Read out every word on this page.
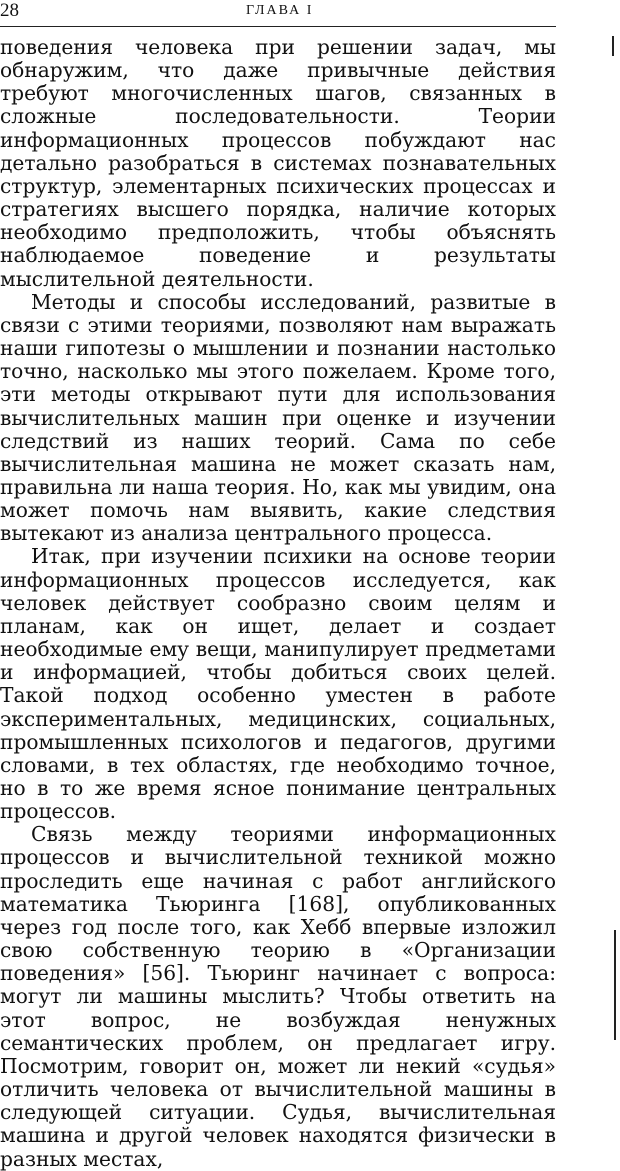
28	ГЛАВА I

поведения человека при решении задач, мы обнаружим, что даже привычные действия требуют многочисленных шагов, связанных в сложные последовательности. Теории информационных процессов побуждают нас детально разобраться в системах познавательных структур, элементарных психических процессах и стратегиях высшего порядка, наличие которых необходимо предположить, чтобы объяснять наблюдаемое поведение и результаты мыслительной деятельности.

Методы и способы исследований, развитые в связи с этими теориями, позволяют нам выражать наши гипотезы о мышлении и познании настолько точно, насколько мы этого пожелаем. Кроме того, эти методы открывают пути для использования вычислительных машин при оценке и изучении следствий из наших теорий. Сама по себе вычислительная машина не может сказать нам, правильна ли наша теория. Но, как мы увидим, она может помочь нам выявить, какие следствия вытекают из анализа центрального процесса.

Итак, при изучении психики на основе теории информационных процессов исследуется, как человек действует сообразно своим целям и планам, как он ищет, делает и создает необходимые ему вещи, манипулирует предметами и информацией, чтобы добиться своих целей. Такой подход особенно уместен в работе экспериментальных, медицинских, социальных, промышленных психологов и педагогов, другими словами, в тех областях, где необходимо точное, но в то же время ясное понимание центральных процессов.

Связь между теориями информационных процессов и вычислительной техникой можно проследить еще начиная с работ английского математика Тьюринга [168], опубликованных через год после того, как Хебб впервые изложил свою собственную теорию в «Организации поведения» [56]. Тьюринг начинает с вопроса: могут ли машины мыслить? Чтобы ответить на этот вопрос, не возбуждая ненужных семантических проблем, он предлагает игру. Посмотрим, говорит он, может ли некий «судья» отличить человека от вычислительной машины в следующей ситуации. Судья, вычислительная машина и другой человек находятся физически в разных местах,
